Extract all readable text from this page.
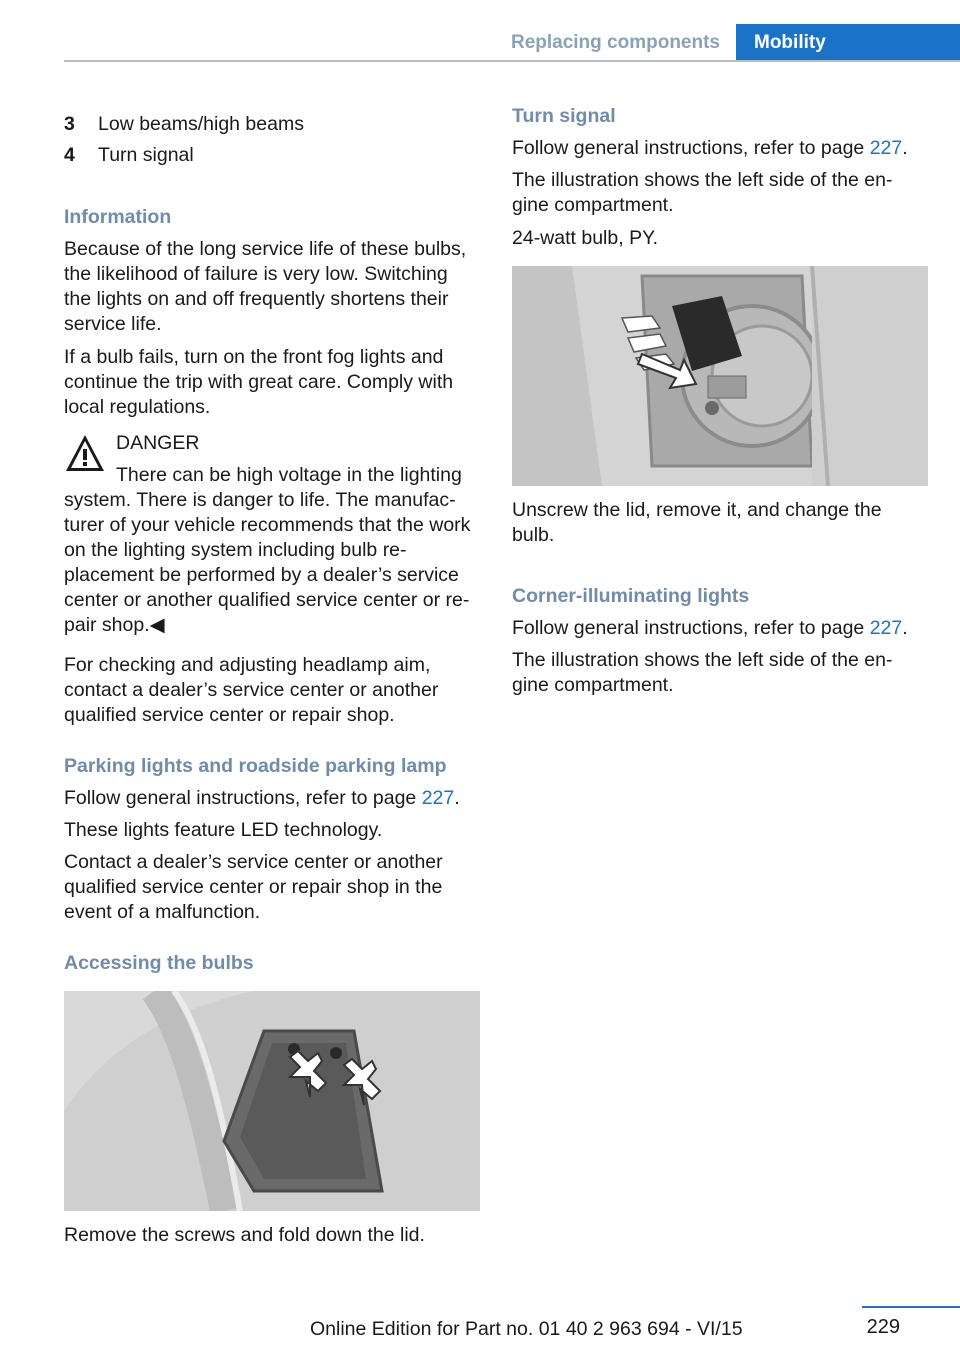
Replacing components	Mobility
3 Low beams/high beams
4 Turn signal
Information
Because of the long service life of these bulbs, the likelihood of failure is very low. Switching the lights on and off frequently shortens their service life.
If a bulb fails, turn on the front fog lights and continue the trip with great care. Comply with local regulations.
DANGER
There can be high voltage in the lighting system. There is danger to life. The manufac-turer of your vehicle recommends that the work on the lighting system including bulb re-placement be performed by a dealer’s service center or another qualified service center or re-pair shop.◀
For checking and adjusting headlamp aim, contact a dealer’s service center or another qualified service center or repair shop.
Parking lights and roadside parking lamp
Follow general instructions, refer to page 227.
These lights feature LED technology.
Contact a dealer’s service center or another qualified service center or repair shop in the event of a malfunction.
Accessing the bulbs
Remove the screws and fold down the lid.
Turn signal
Follow general instructions, refer to page 227.
The illustration shows the left side of the en-gine compartment.
24-watt bulb, PY.
Unscrew the lid, remove it, and change the bulb.
Corner-illuminating lights
Follow general instructions, refer to page 227.
The illustration shows the left side of the en-gine compartment.
229
Online Edition for Part no. 01 40 2 963 694 - VI/15
